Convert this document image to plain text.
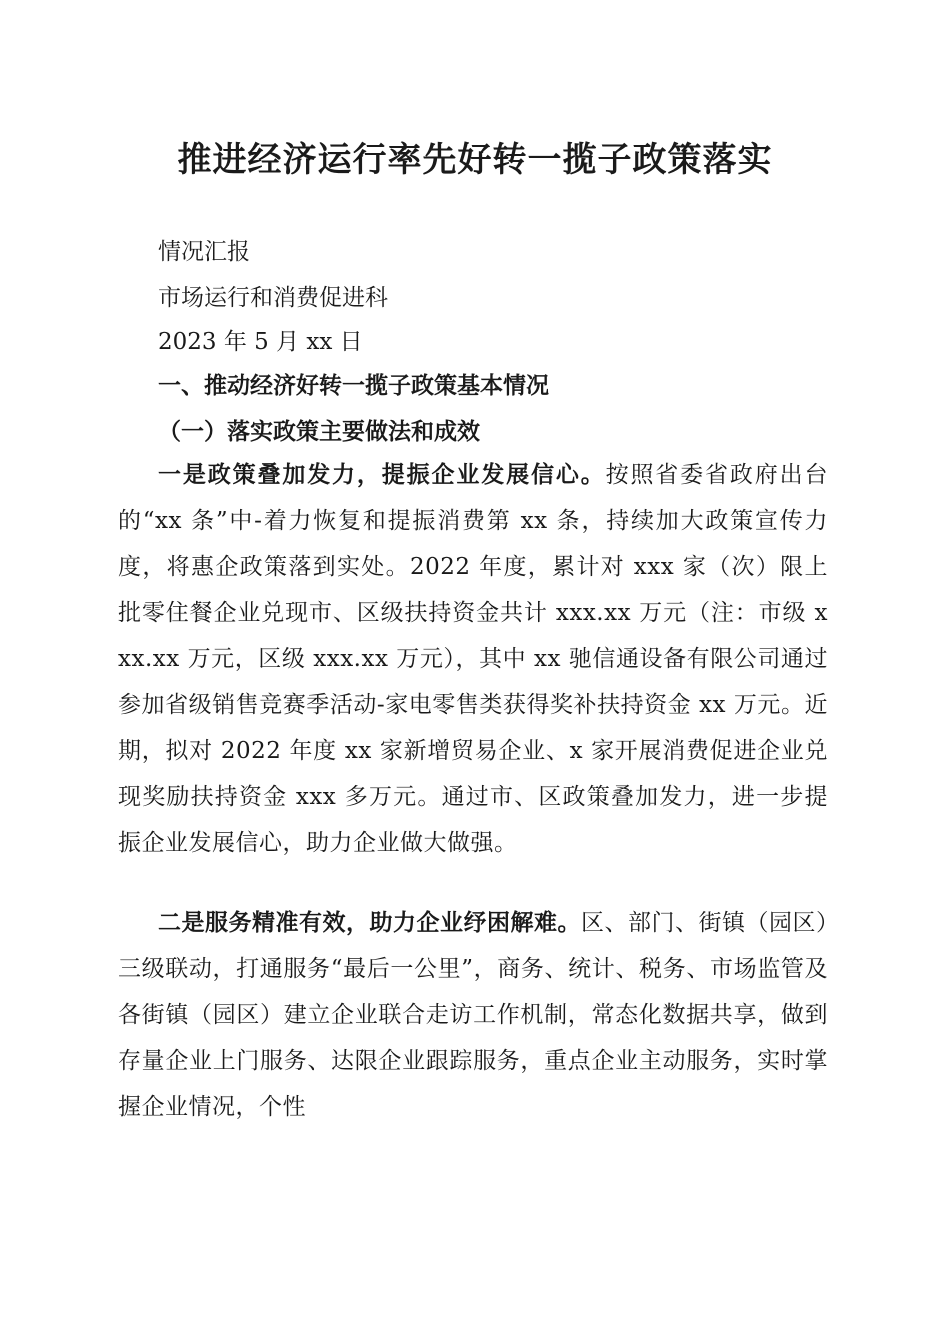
推进经济运行率先好转一揽子政策落实

情况汇报

市场运行和消费促进科

2023 年 5 月 xx 日

一、推动经济好转一揽子政策基本情况
（一）落实政策主要做法和成效

一是政策叠加发力，提振企业发展信心。按照省委省政府出台的“xx 条”中-着力恢复和提振消费第 xx 条，持续加大政策宣传力度，将惠企政策落到实处。2022 年度，累计对 xxx 家（次）限上批零住餐企业兑现市、区级扶持资金共计 xxx.xx 万元（注：市级 xxx.xx 万元，区级 xxx.xx 万元），其中 xx 驰信通设备有限公司通过参加省级销售竞赛季活动-家电零售类获得奖补扶持资金 xx 万元。近期，拟对 2022 年度 xx 家新增贸易企业、x 家开展消费促进企业兑现奖励扶持资金 xxx 多万元。通过市、区政策叠加发力，进一步提振企业发展信心，助力企业做大做强。

二是服务精准有效，助力企业纾困解难。区、部门、街镇（园区）三级联动，打通服务“最后一公里”，商务、统计、税务、市场监管及各街镇（园区）建立企业联合走访工作机制，常态化数据共享，做到存量企业上门服务、达限企业跟踪服务，重点企业主动服务，实时掌握企业情况，个性
